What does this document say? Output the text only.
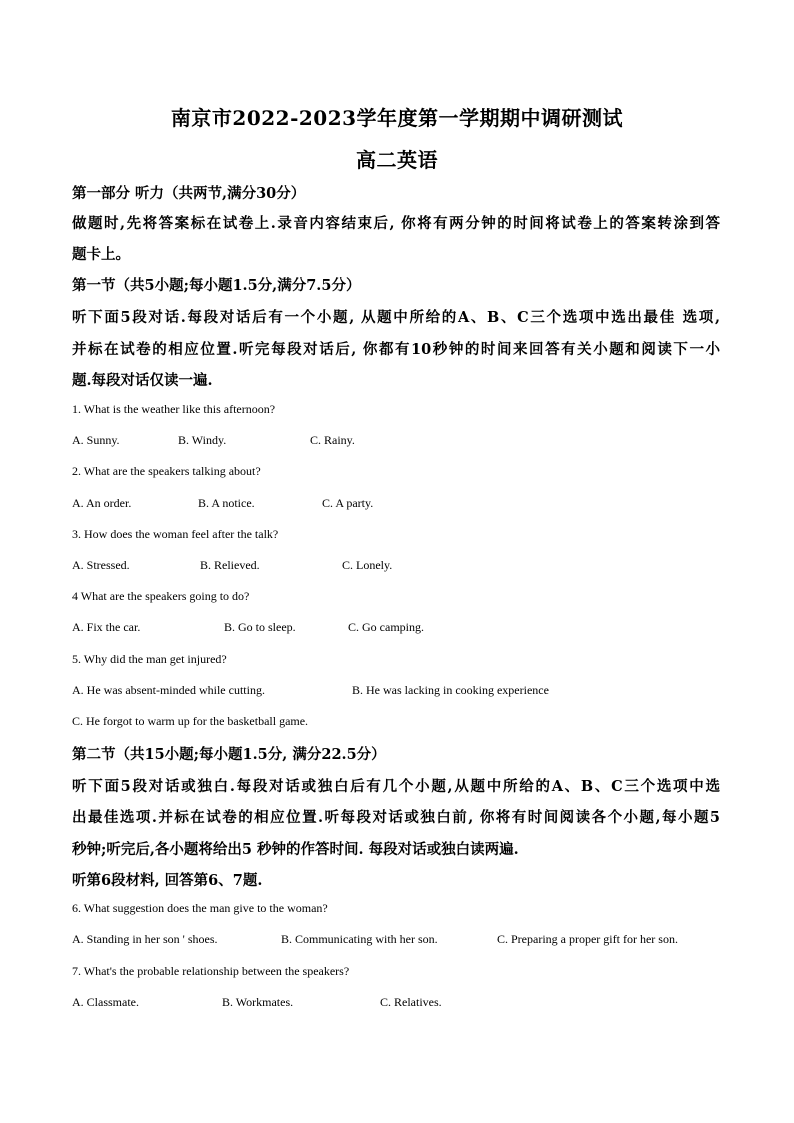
南京市2022-2023学年度第一学期期中调研测试
高二英语
第一部分 听力（共两节,满分30分）
做题时,先将答案标在试卷上.录音内容结束后, 你将有两分钟的时间将试卷上的答案转涂到答
题卡上。
第一节（共5小题;每小题1.5分,满分7.5分）
听下面5段对话.每段对话后有一个小题, 从题中所给的A、B、C三个选项中选出最佳 选项,
并标在试卷的相应位置.听完每段对话后, 你都有10秒钟的时间来回答有关小题和阅读下一小
题.每段对话仅读一遍.
1. What is the weather like this afternoon?
A. Sunny.	B. Windy.	C. Rainy.
2. What are the speakers talking about?
A. An order.	B. A notice.	C. A party.
3. How does the woman feel after the talk?
A. Stressed.	B. Relieved.	C. Lonely.
4 What are the speakers going to do?
A. Fix the car.	B. Go to sleep.	C. Go camping.
5. Why did the man get injured?
A. He was absent-minded while cutting.	B. He was lacking in cooking experience
C. He forgot to warm up for the basketball game.
第二节（共15小题;每小题1.5分, 满分22.5分）
听下面5段对话或独白.每段对话或独白后有几个小题,从题中所给的A、B、C三个选项中选
出最佳选项.并标在试卷的相应位置.听每段对话或独白前, 你将有时间阅读各个小题,每小题5
秒钟;听完后,各小题将给出5 秒钟的作答时间. 每段对话或独白读两遍.
听第6段材料, 回答第6、7题.
6. What suggestion does the man give to the woman?
A. Standing in her son ' shoes.	B. Communicating with her son.	C. Preparing a proper gift for her son.
7. What's the probable relationship between the speakers?
A. Classmate.	B. Workmates.	C. Relatives.
